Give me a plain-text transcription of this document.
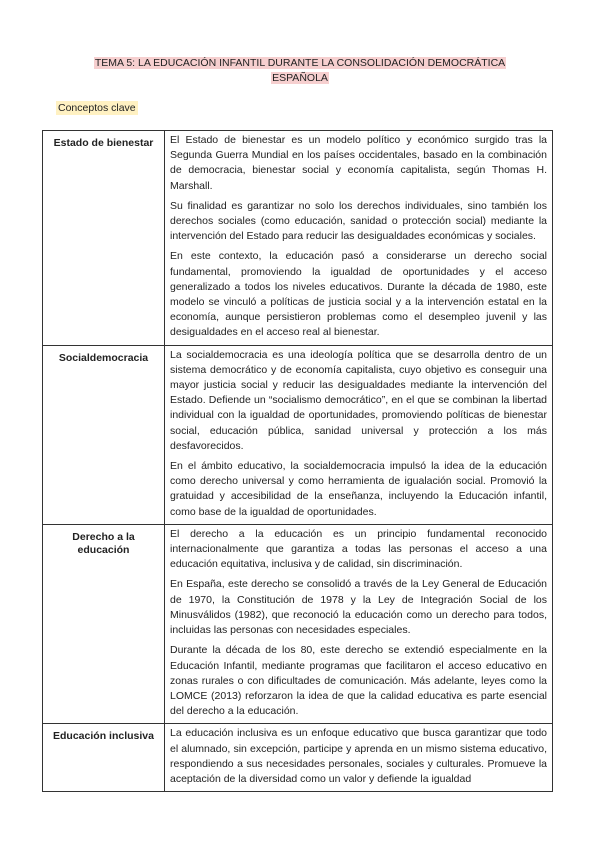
TEMA 5: LA EDUCACIÓN INFANTIL DURANTE LA CONSOLIDACIÓN DEMOCRÁTICA
ESPAÑOLA
Conceptos clave
Estado de bienestar	El Estado de bienestar es un modelo político y económico surgido tras la Segunda Guerra Mundial en los países occidentales, basado en la combinación de democracia, bienestar social y economía capitalista, según Thomas H. Marshall.

Su finalidad es garantizar no solo los derechos individuales, sino también los derechos sociales (como educación, sanidad o protección social) mediante la intervención del Estado para reducir las desigualdades económicas y sociales.

En este contexto, la educación pasó a considerarse un derecho social fundamental, promoviendo la igualdad de oportunidades y el acceso generalizado a todos los niveles educativos. Durante la década de 1980, este modelo se vinculó a políticas de justicia social y a la intervención estatal en la economía, aunque persistieron problemas como el desempleo juvenil y las desigualdades en el acceso real al bienestar.

Socialdemocracia	La socialdemocracia es una ideología política que se desarrolla dentro de un sistema democrático y de economía capitalista, cuyo objetivo es conseguir una mayor justicia social y reducir las desigualdades mediante la intervención del Estado. Defiende un “socialismo democrático”, en el que se combinan la libertad individual con la igualdad de oportunidades, promoviendo políticas de bienestar social, educación pública, sanidad universal y protección a los más desfavorecidos.

En el ámbito educativo, la socialdemocracia impulsó la idea de la educación como derecho universal y como herramienta de igualación social. Promovió la gratuidad y accesibilidad de la enseñanza, incluyendo la Educación infantil, como base de la igualdad de oportunidades.

Derecho a la educación	El derecho a la educación es un principio fundamental reconocido internacionalmente que garantiza a todas las personas el acceso a una educación equitativa, inclusiva y de calidad, sin discriminación.

En España, este derecho se consolidó a través de la Ley General de Educación de 1970, la Constitución de 1978 y la Ley de Integración Social de los Minusválidos (1982), que reconoció la educación como un derecho para todos, incluidas las personas con necesidades especiales.

Durante la década de los 80, este derecho se extendió especialmente en la Educación Infantil, mediante programas que facilitaron el acceso educativo en zonas rurales o con dificultades de comunicación. Más adelante, leyes como la LOMCE (2013) reforzaron la idea de que la calidad educativa es parte esencial del derecho a la educación.

Educación inclusiva	La educación inclusiva es un enfoque educativo que busca garantizar que todo el alumnado, sin excepción, participe y aprenda en un mismo sistema educativo, respondiendo a sus necesidades personales, sociales y culturales. Promueve la aceptación de la diversidad como un valor y defiende la igualdad
